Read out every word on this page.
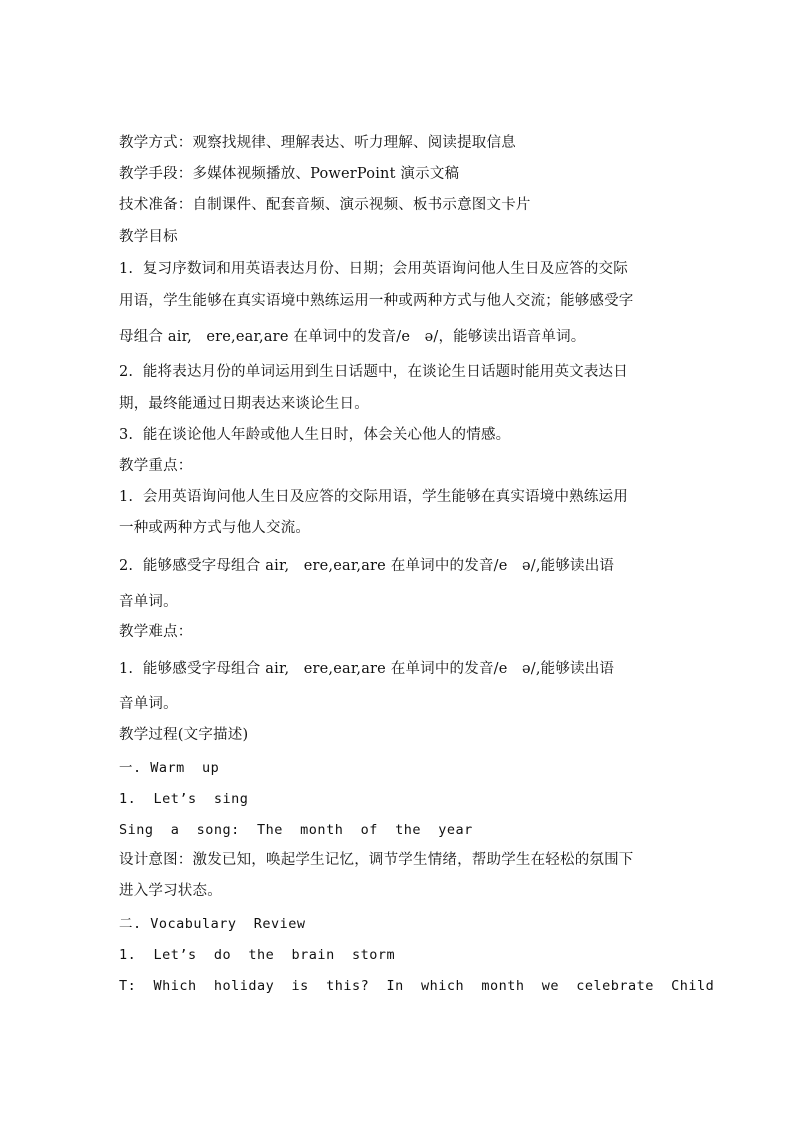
教学方式：观察找规律、理解表达、听力理解、阅读提取信息
教学手段：多媒体视频播放、PowerPoint 演示文稿
技术准备：自制课件、配套音频、演示视频、板书示意图文卡片
教学目标
1.  复习序数词和用英语表达月份、日期；会用英语询问他人生日及应答的交际
用语，学生能够在真实语境中熟练运用一种或两种方式与他人交流；能够感受字
母组合 air,   ere,ear,are 在单词中的发音/e   ə/，能够读出语音单词。
2.  能将表达月份的单词运用到生日话题中，在谈论生日话题时能用英文表达日
期，最终能通过日期表达来谈论生日。
3.  能在谈论他人年龄或他人生日时，体会关心他人的情感。
教学重点：
1.  会用英语询问他人生日及应答的交际用语，学生能够在真实语境中熟练运用
一种或两种方式与他人交流。
2.  能够感受字母组合 air,   ere,ear,are 在单词中的发音/e   ə/,能够读出语
音单词。
教学难点：
1.  能够感受字母组合 air,   ere,ear,are 在单词中的发音/e   ə/,能够读出语
音单词。
教学过程(文字描述)
一. Warm  up
1.  Let’s  sing
Sing  a  song:  The  month  of  the  year
设计意图：激发已知，唤起学生记忆，调节学生情绪，帮助学生在轻松的氛围下
进入学习状态。
二. Vocabulary  Review
1.  Let’s  do  the  brain  storm
T:  Which  holiday  is  this?  In  which  month  we  celebrate  Child
